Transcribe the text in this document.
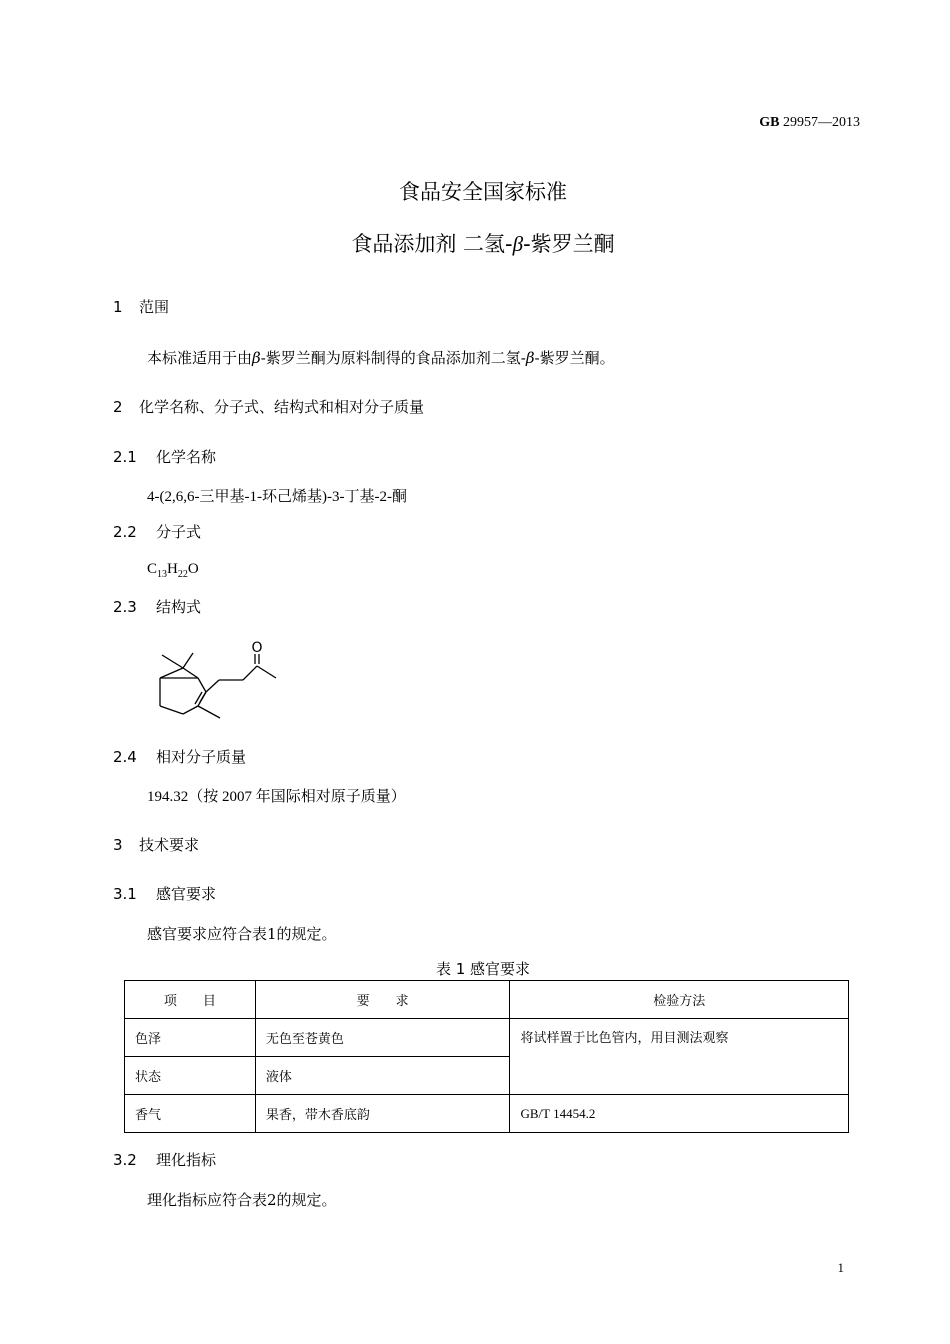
GB 29957—2013
食品安全国家标准
食品添加剂 二氢-β-紫罗兰酮
1 范围
本标准适用于由β-紫罗兰酮为原料制得的食品添加剂二氢-β-紫罗兰酮。
2 化学名称、分子式、结构式和相对分子质量
2.1 化学名称
4-(2,6,6-三甲基-1-环己烯基)-3-丁基-2-酮
2.2 分子式
$C_{13}H_{22}O$
2.3 结构式
O
2.4 相对分子质量
194.32（按 2007 年国际相对原子质量）
3 技术要求
3.1 感官要求
感官要求应符合表1的规定。
表 1 感官要求
项　　目	要　　求	检验方法
色泽	无色至苍黄色	将试样置于比色管内，用目测法观察
状态	液体	
香气	果香，带木香底韵	GB/T 14454.2
3.2 理化指标
理化指标应符合表2的规定。
1
